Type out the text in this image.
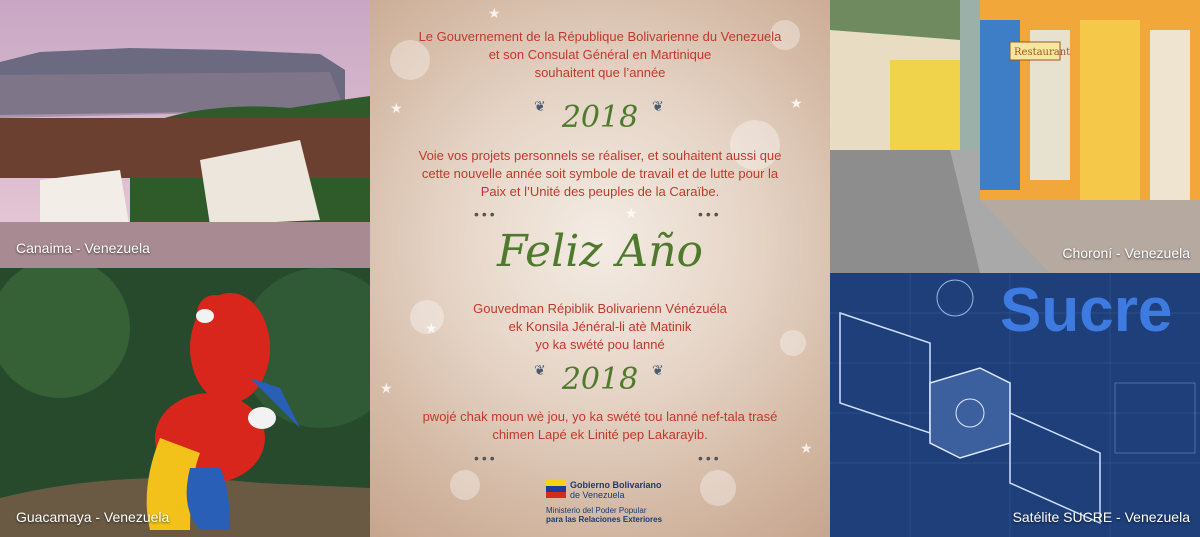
Canaima - Venezuela
Guacamaya - Venezuela
★
★	★
★
★
★
★
Le Gouvernement de la République Bolivarienne du Venezuela
et son Consulat Général en Martinique
souhaitent que l’année
❦	❦
2018
Voie vos projets personnels se réaliser, et souhaitent aussi que
cette nouvelle année soit symbole de travail et de lutte pour la
Paix et l’Unité des peuples de la Caraïbe.
•••	•••
Feliz Año
Gouvedman Répiblik Bolivarienn Vénézuéla
ek Konsila Jénéral-li atè Matinik
yo ka swété pou lanné
❦	❦
2018
pwojé chak moun wè jou, yo ka swété tou lanné nef-tala trasé
chimen Lapé ek Linité pep Lakarayib.
•••	•••
Gobierno Bolivariano
de Venezuela
Ministerio del Poder Popular
para las Relaciones Exteriores
Restaurant
Choroní - Venezuela
Sucre
Satélite SUCRE - Venezuela
